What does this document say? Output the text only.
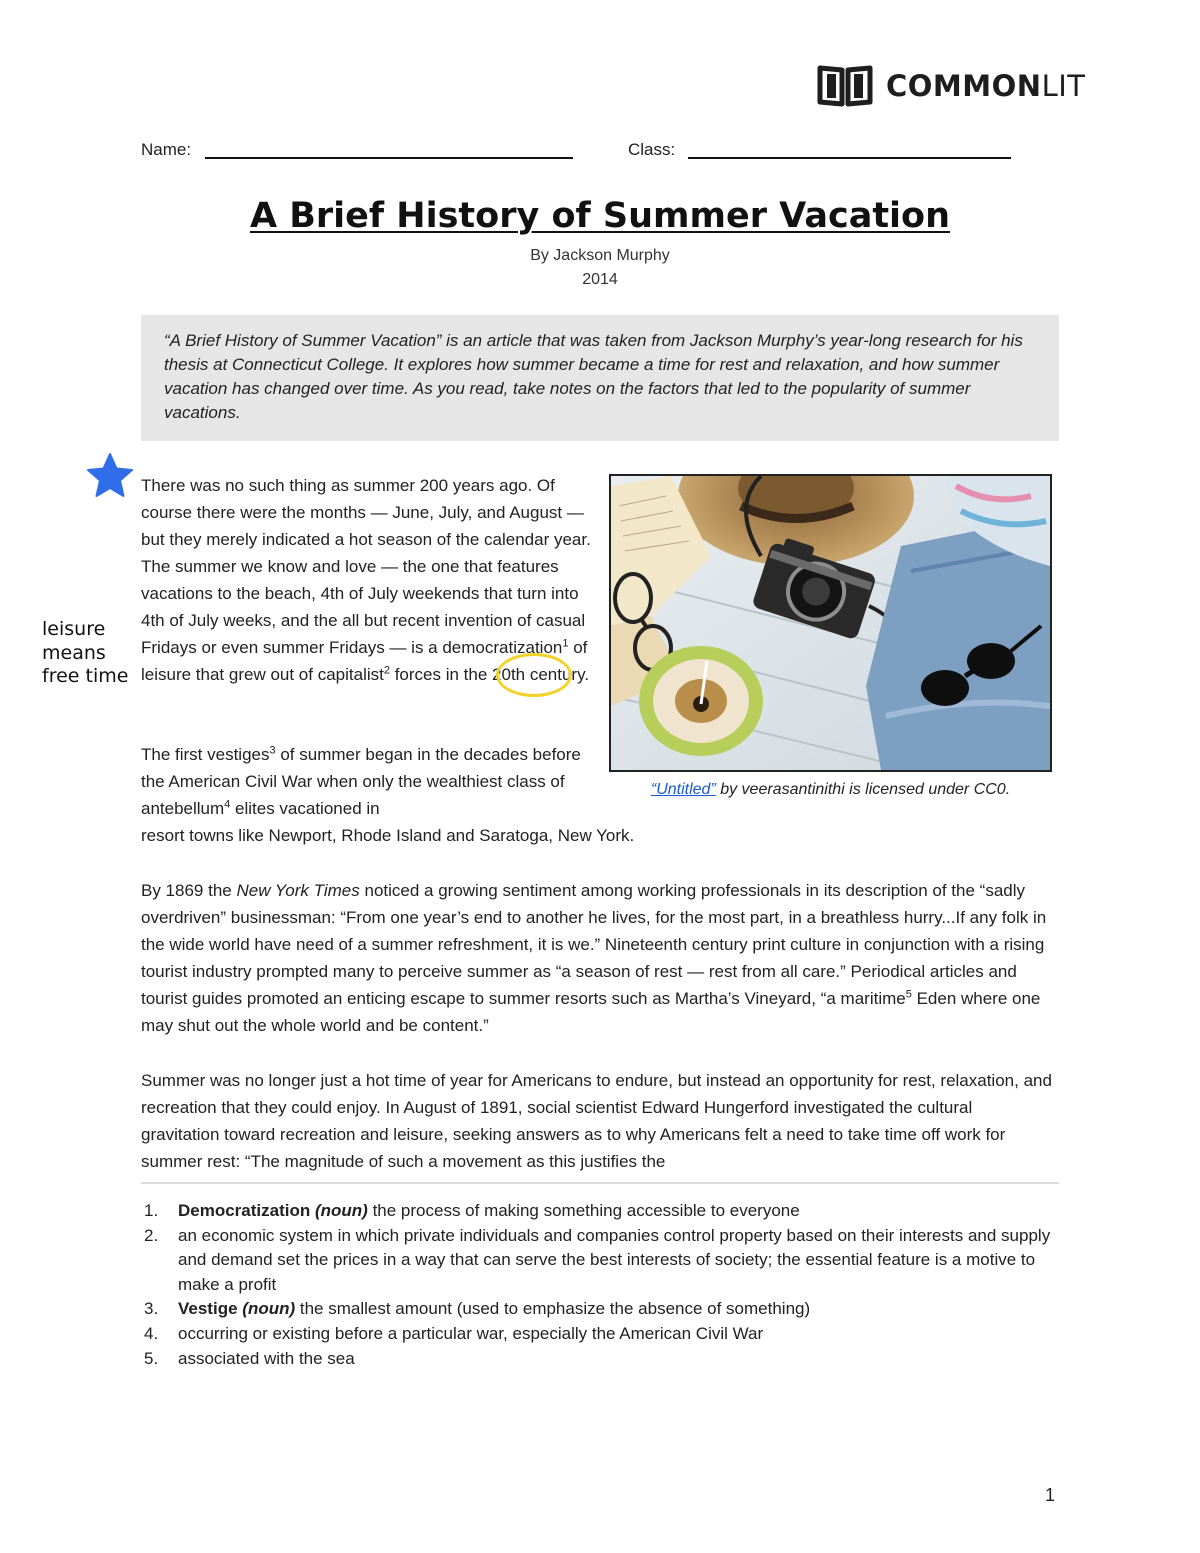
COMMONLIT
Name:	Class:
A Brief History of Summer Vacation
By Jackson Murphy
2014
“A Brief History of Summer Vacation” is an article that was taken from Jackson Murphy’s year-long research for his thesis at Connecticut College. It explores how summer became a time for rest and relaxation, and how summer vacation has changed over time. As you read, take notes on the factors that led to the popularity of summer vacations.
leisure means free time
There was no such thing as summer 200 years ago. Of course there were the months — June, July, and August — but they merely indicated a hot season of the calendar year. The summer we know and love — the one that features vacations to the beach, 4th of July weekends that turn into 4th of July weeks, and the all but recent invention of casual Fridays or even summer Fridays — is a democratization$^1$ of leisure that grew out of capitalist$^2$ forces in the 20th century.
“Untitled” by veerasantinithi is licensed under CC0.
The first vestiges$^3$ of summer began in the decades before the American Civil War when only the wealthiest class of antebellum$^4$ elites vacationed in
resort towns like Newport, Rhode Island and Saratoga, New York.
By 1869 the New York Times noticed a growing sentiment among working professionals in its description of the “sadly overdriven” businessman: “From one year’s end to another he lives, for the most part, in a breathless hurry...If any folk in the wide world have need of a summer refreshment, it is we.” Nineteenth century print culture in conjunction with a rising tourist industry prompted many to perceive summer as “a season of rest — rest from all care.” Periodical articles and tourist guides promoted an enticing escape to summer resorts such as Martha’s Vineyard, “a maritime$^5$ Eden where one may shut out the whole world and be content.”
Summer was no longer just a hot time of year for Americans to endure, but instead an opportunity for rest, relaxation, and recreation that they could enjoy. In August of 1891, social scientist Edward Hungerford investigated the cultural gravitation toward recreation and leisure, seeking answers as to why Americans felt a need to take time off work for summer rest: “The magnitude of such a movement as this justifies the
1. Democratization (noun) the process of making something accessible to everyone
2. an economic system in which private individuals and companies control property based on their interests and supply and demand set the prices in a way that can serve the best interests of society; the essential feature is a motive to make a profit
3. Vestige (noun) the smallest amount (used to emphasize the absence of something)
4. occurring or existing before a particular war, especially the American Civil War
5. associated with the sea
1
